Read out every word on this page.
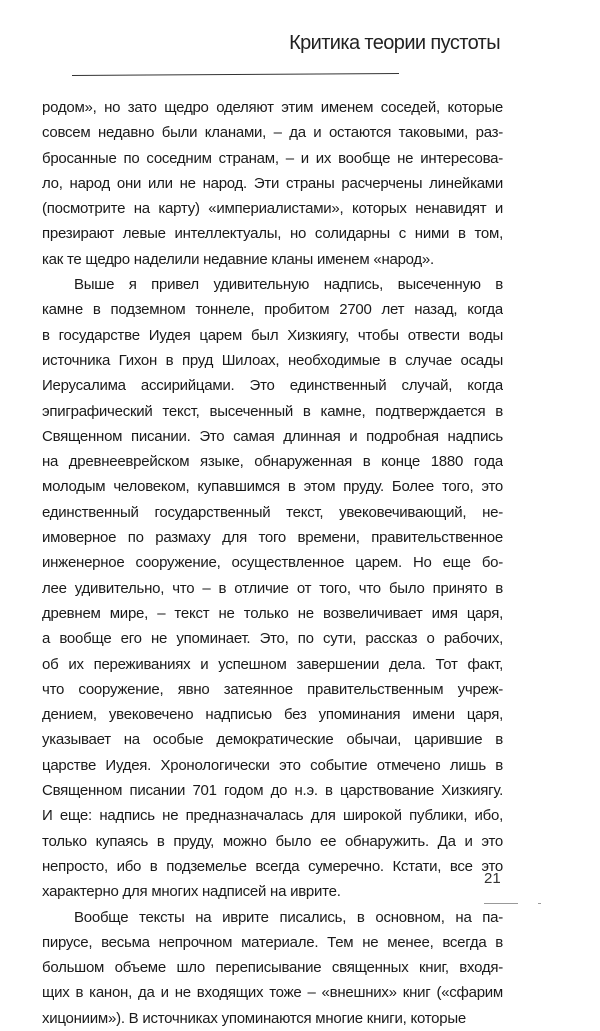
Критика теории пустоты
родом», но зато щедро оделяют этим именем соседей, которые
совсем недавно были кланами, – да и остаются таковыми, раз-
бросанные по соседним странам, – и их вообще не интересова-
ло, народ они или не народ. Эти страны расчерчены линейками
(посмотрите на карту) «империалистами», которых ненавидят и
презирают левые интеллектуалы, но солидарны с ними в том,
как те щедро наделили недавние кланы именем «народ».
Выше я привел удивительную надпись, высеченную в
камне в подземном тоннеле, пробитом 2700 лет назад, когда
в государстве Иудея царем был Хизкиягу, чтобы отвести воды
источника Гихон в пруд Шилоах, необходимые в случае осады
Иерусалима ассирийцами. Это единственный случай, когда
эпиграфический текст, высеченный в камне, подтверждается в
Священном писании. Это самая длинная и подробная надпись
на древнееврейском языке, обнаруженная в конце 1880 года
молодым человеком, купавшимся в этом пруду. Более того, это
единственный государственный текст, увековечивающий, не-
имоверное по размаху для того времени, правительственное
инженерное сооружение, осуществленное царем. Но еще бо-
лее удивительно, что – в отличие от того, что было принято в
древнем мире, – текст не только не возвеличивает имя царя,
а вообще его не упоминает. Это, по сути, рассказ о рабочих,
об их переживаниях и успешном завершении дела. Тот факт,
что сооружение, явно затеянное правительственным учреж-
дением, увековечено надписью без упоминания имени царя,
указывает на особые демократические обычаи, царившие в
царстве Иудея. Хронологически это событие отмечено лишь в
Священном писании 701 годом до н.э. в царствование Хизкиягу.
И еще: надпись не предназначалась для широкой публики, ибо,
только купаясь в пруду, можно было ее обнаружить. Да и это
непросто, ибо в подземелье всегда сумеречно. Кстати, все это
характерно для многих надписей на иврите.
Вообще тексты на иврите писались, в основном, на па-
пирусе, весьма непрочном материале. Тем не менее, всегда в
большом объеме шло переписывание священных книг, входя-
щих в канон, да и не входящих тоже – «внешних» книг («сфарим
хицониим»). В источниках упоминаются многие книги, которые
21
